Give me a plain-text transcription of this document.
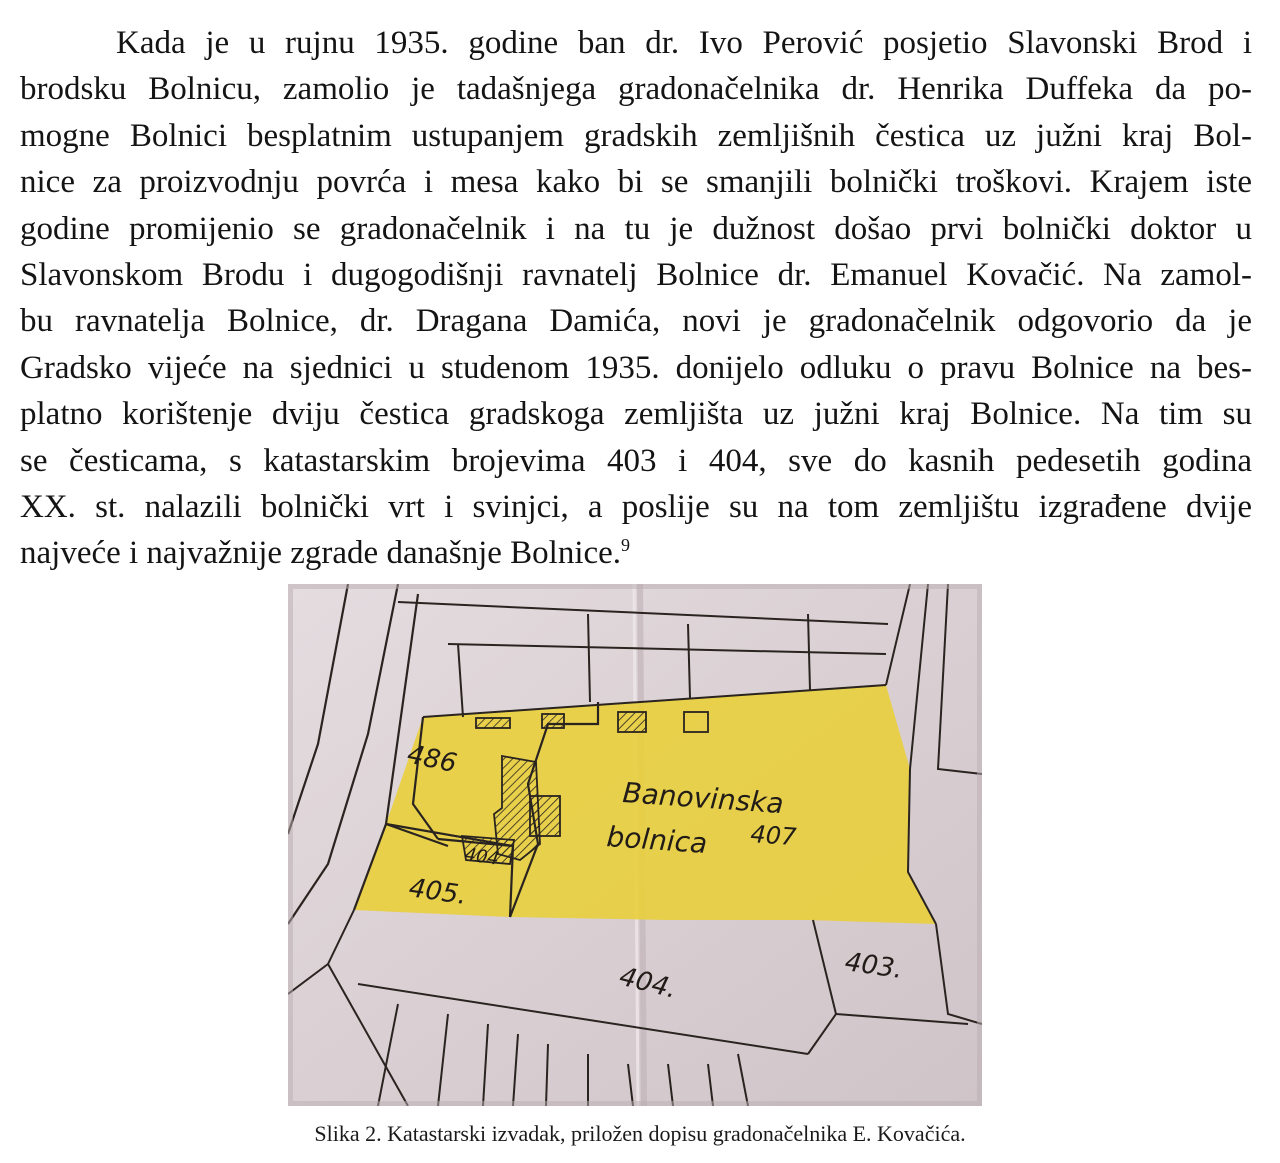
Kada je u rujnu 1935. godine ban dr. Ivo Perović posjetio Slavonski Brod i
brodsku Bolnicu, zamolio je tadašnjega gradonačelnika dr. Henrika Duffeka da po-
mogne Bolnici besplatnim ustupanjem gradskih zemljišnih čestica uz južni kraj Bol-
nice za proizvodnju povrća i mesa kako bi se smanjili bolnički troškovi. Krajem iste
godine promijenio se gradonačelnik i na tu je dužnost došao prvi bolnički doktor u
Slavonskom Brodu i dugogodišnji ravnatelj Bolnice dr. Emanuel Kovačić. Na zamol-
bu ravnatelja Bolnice, dr. Dragana Damića, novi je gradonačelnik odgovorio da je
Gradsko vijeće na sjednici u studenom 1935. donijelo odluku o pravu Bolnice na bes-
platno korištenje dviju čestica gradskoga zemljišta uz južni kraj Bolnice. Na tim su
se česticama, s katastarskim brojevima 403 i 404, sve do kasnih pedesetih godina
XX. st. nalazili bolnički vrt i svinjci, a poslije su na tom zemljištu izgrađene dvije
najveće i najvažnije zgrade današnje Bolnice.$^9$
486
Banovinska
bolnica 407
404
405.
404.	403.
Slika 2. Katastarski izvadak, priložen dopisu gradonačelnika E. Kovačića.
